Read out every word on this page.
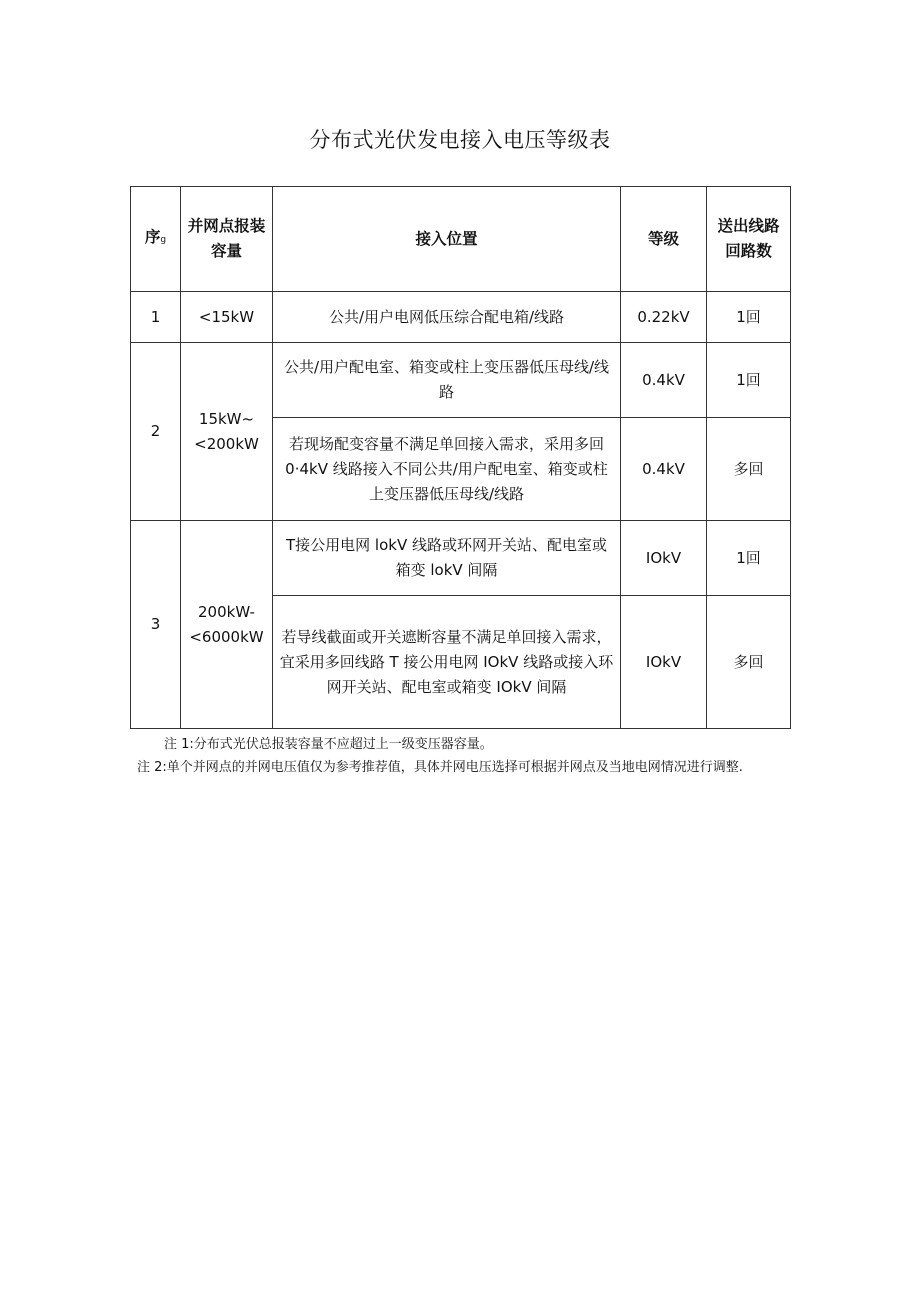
分布式光伏发电接入电压等级表
序g	并网点报装容量	接入位置	等级	送出线路回路数
1	<15kW	公共/用户电网低压综合配电箱/线路	0.22kV	1回
2	15kW~<200kW	公共/用户配电室、箱变或柱上变压器低压母线/线路	0.4kV	1回
		若现场配变容量不满足单回接入需求，采用多回 0·4kV 线路接入不同公共/用户配电室、箱变或柱上变压器低压母线/线路	0.4kV	多回
3	200kW-<6000kW	T接公用电网 lokV 线路或环网开关站、配电室或箱变 lokV 间隔	IOkV	1回
		若导线截面或开关遮断容量不满足单回接入需求，宜采用多回线路 T 接公用电网 IOkV 线路或接入环网开关站、配电室或箱变 IOkV 间隔	IOkV	多回
注 1:分布式光伏总报装容量不应超过上一级变压器容量。
注 2:单个并网点的并网电压值仅为参考推荐值，具体并网电压选择可根据并网点及当地电网情况进行调整.
